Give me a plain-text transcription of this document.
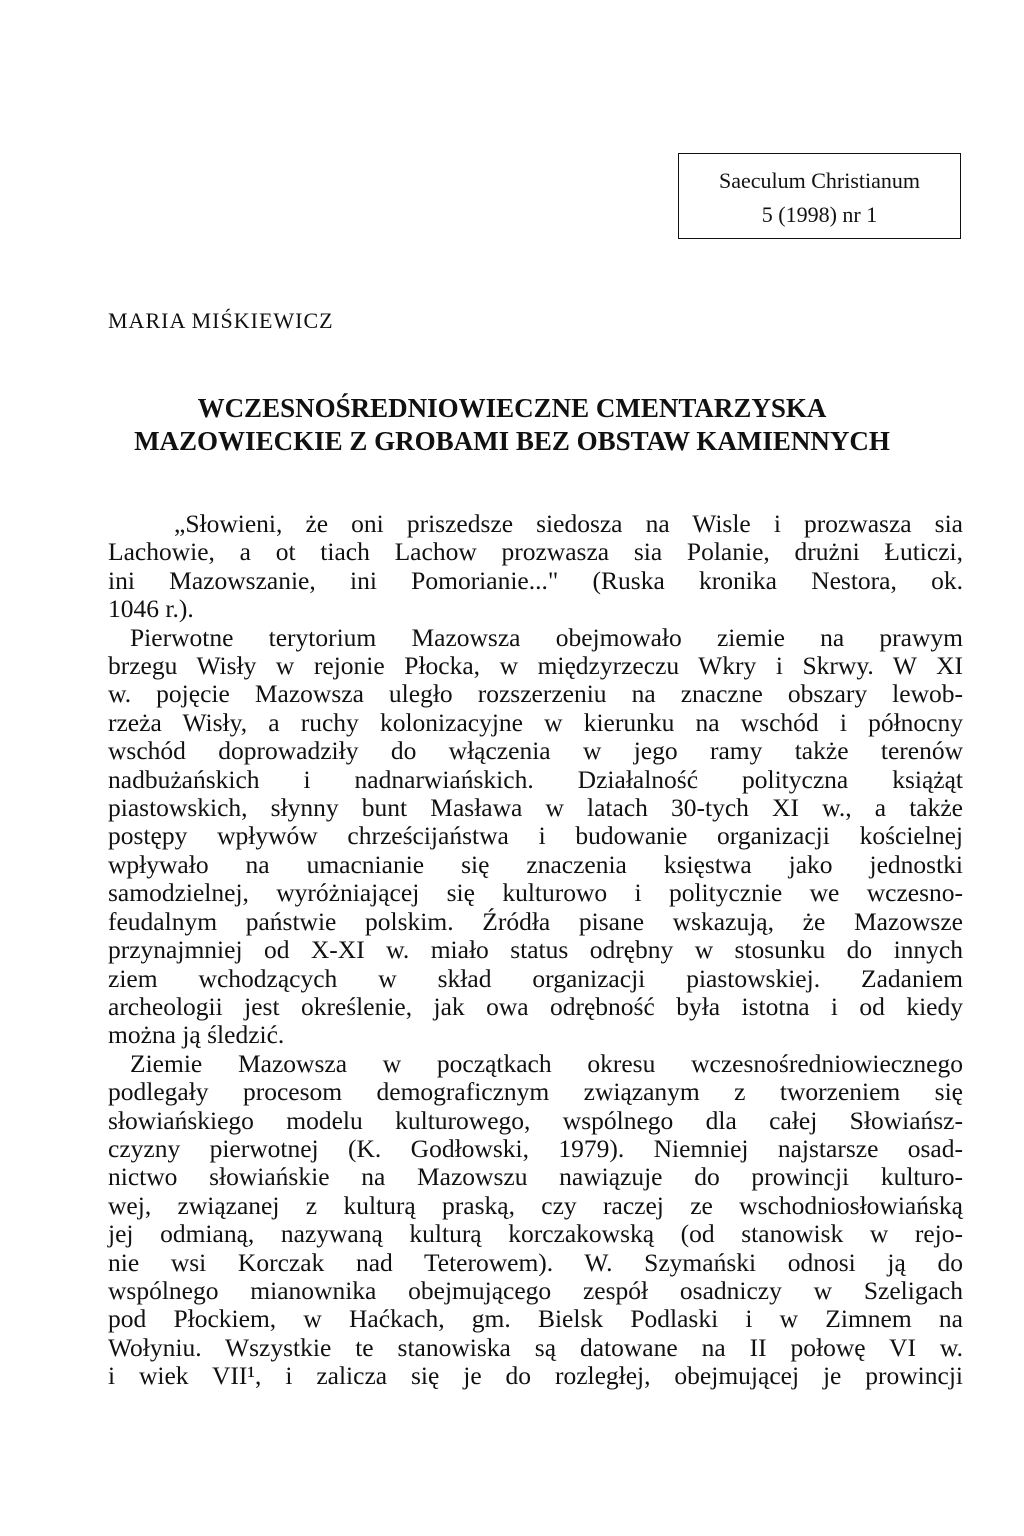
Saeculum Christianum
5 (1998) nr 1
MARIA MIŚKIEWICZ
WCZESNOŚREDNIOWIECZNE CMENTARZYSKA
MAZOWIECKIE Z GROBAMI BEZ OBSTAW KAMIENNYCH
„Słowieni, że oni priszedsze siedosza na Wisle i prozwasza sia
Lachowie, a ot tiach Lachow prozwasza sia Polanie, drużni Łuticzi,
ini Mazowszanie, ini Pomorianie..." (Ruska kronika Nestora, ok.
1046 r.).
Pierwotne terytorium Mazowsza obejmowało ziemie na prawym
brzegu Wisły w rejonie Płocka, w międzyrzeczu Wkry i Skrwy. W XI
w. pojęcie Mazowsza uległo rozszerzeniu na znaczne obszary lewob-
rzeża Wisły, a ruchy kolonizacyjne w kierunku na wschód i północny
wschód doprowadziły do włączenia w jego ramy także terenów
nadbużańskich i nadnarwiańskich. Działalność polityczna książąt
piastowskich, słynny bunt Masława w latach 30-tych XI w., a także
postępy wpływów chrześcijaństwa i budowanie organizacji kościelnej
wpływało na umacnianie się znaczenia księstwa jako jednostki
samodzielnej, wyróżniającej się kulturowo i politycznie we wczesno-
feudalnym państwie polskim. Źródła pisane wskazują, że Mazowsze
przynajmniej od X-XI w. miało status odrębny w stosunku do innych
ziem wchodzących w skład organizacji piastowskiej. Zadaniem
archeologii jest określenie, jak owa odrębność była istotna i od kiedy
można ją śledzić.
Ziemie Mazowsza w początkach okresu wczesnośredniowiecznego
podlegały procesom demograficznym związanym z tworzeniem się
słowiańskiego modelu kulturowego, wspólnego dla całej Słowiańsz-
czyzny pierwotnej (K. Godłowski, 1979). Niemniej najstarsze osad-
nictwo słowiańskie na Mazowszu nawiązuje do prowincji kulturo-
wej, związanej z kulturą praską, czy raczej ze wschodniosłowiańską
jej odmianą, nazywaną kulturą korczakowską (od stanowisk w rejo-
nie wsi Korczak nad Teterowem). W. Szymański odnosi ją do
wspólnego mianownika obejmującego zespół osadniczy w Szeligach
pod Płockiem, w Haćkach, gm. Bielsk Podlaski i w Zimnem na
Wołyniu. Wszystkie te stanowiska są datowane na II połowę VI w.
i wiek VII¹, i zalicza się je do rozległej, obejmującej je prowincji
